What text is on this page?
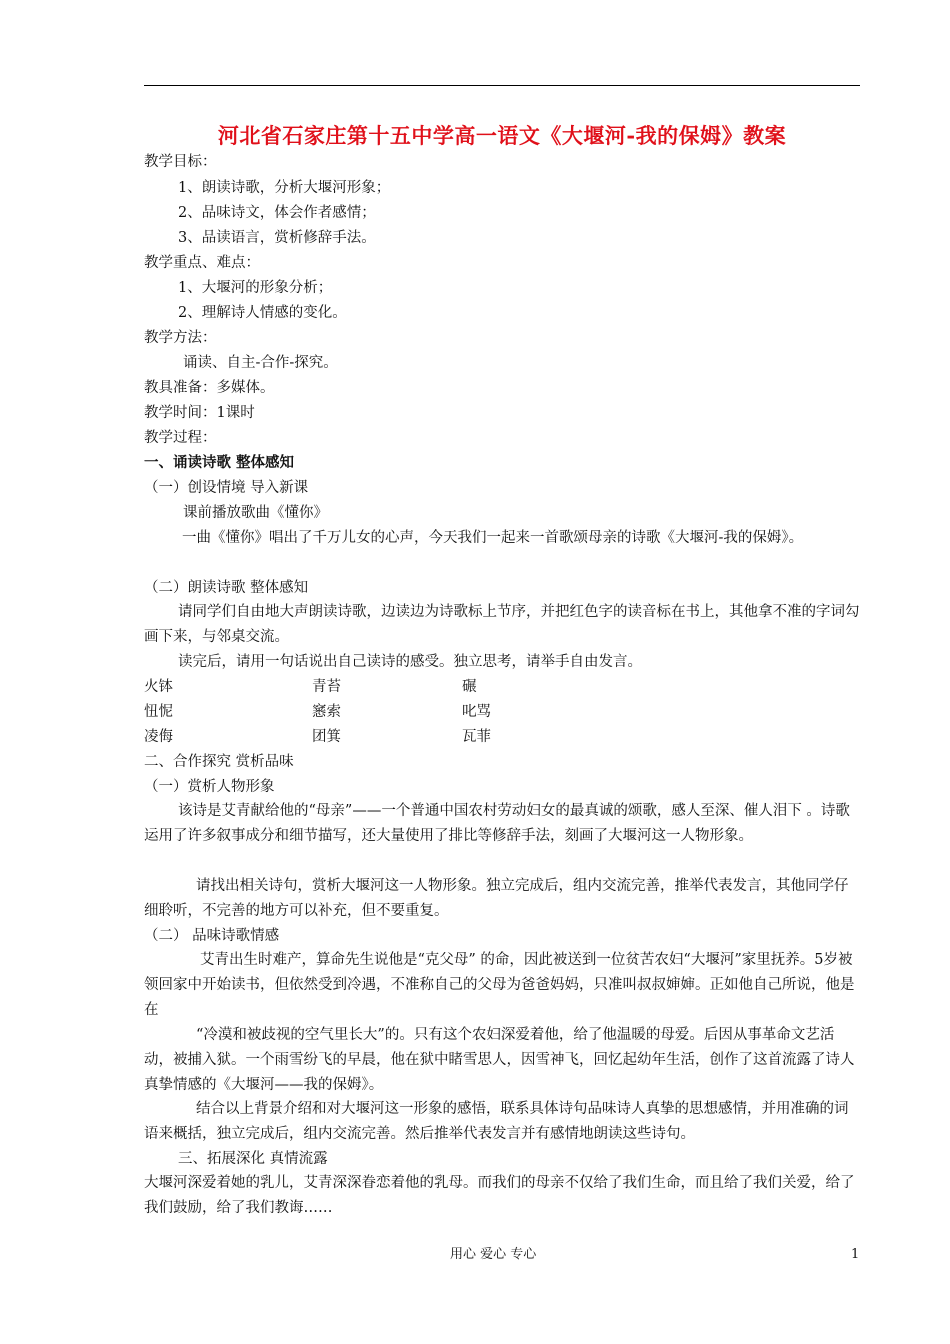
河北省石家庄第十五中学高一语文《大堰河-我的保姆》教案
教学目标：
1、朗读诗歌，分析大堰河形象；
2、品味诗文，体会作者感情；
3、品读语言，赏析修辞手法。
教学重点、难点：
1、大堰河的形象分析；
2、理解诗人情感的变化。
教学方法：
诵读、自主-合作-探究。
教具准备：多媒体。
教学时间：1课时
教学过程：
一、诵读诗歌 整体感知
（一）创设情境 导入新课
课前播放歌曲《懂你》
一曲《懂你》唱出了千万儿女的心声，今天我们一起来一首歌颂母亲的诗歌《大堰河-我的保姆》。
（二）朗读诗歌 整体感知
请同学们自由地大声朗读诗歌，边读边为诗歌标上节序，并把红色字的读音标在书上，其他拿不准的字词勾画下来，与邻桌交流。
读完后，请用一句话说出自己读诗的感受。独立思考，请举手自由发言。
火钵	青苔	碾
忸怩	窸索	叱骂
凌侮	团箕	瓦菲
二、合作探究 赏析品味
（一）赏析人物形象
该诗是艾青献给他的“母亲”——一个普通中国农村劳动妇女的最真诚的颂歌，感人至深、催人泪下 。诗歌运用了许多叙事成分和细节描写，还大量使用了排比等修辞手法，刻画了大堰河这一人物形象。
请找出相关诗句，赏析大堰河这一人物形象。独立完成后，组内交流完善，推举代表发言，其他同学仔细聆听，不完善的地方可以补充，但不要重复。
（二） 品味诗歌情感
艾青出生时难产，算命先生说他是“克父母” 的命，因此被送到一位贫苦农妇“大堰河”家里抚养。5岁被领回家中开始读书，但依然受到冷遇，不准称自己的父母为爸爸妈妈，只准叫叔叔婶婶。正如他自己所说，他是在
“冷漠和被歧视的空气里长大”的。只有这个农妇深爱着他，给了他温暖的母爱。后因从事革命文艺活动，被捕入狱。一个雨雪纷飞的早晨，他在狱中睹雪思人，因雪神飞，回忆起幼年生活，创作了这首流露了诗人真挚情感的《大堰河——我的保姆》。
结合以上背景介绍和对大堰河这一形象的感悟，联系具体诗句品味诗人真挚的思想感情，并用准确的词语来概括，独立完成后，组内交流完善。然后推举代表发言并有感情地朗读这些诗句。
三、拓展深化 真情流露
大堰河深爱着她的乳儿，艾青深深眷恋着他的乳母。而我们的母亲不仅给了我们生命，而且给了我们关爱，给了我们鼓励，给了我们教诲……
用心 爱心 专心	1
